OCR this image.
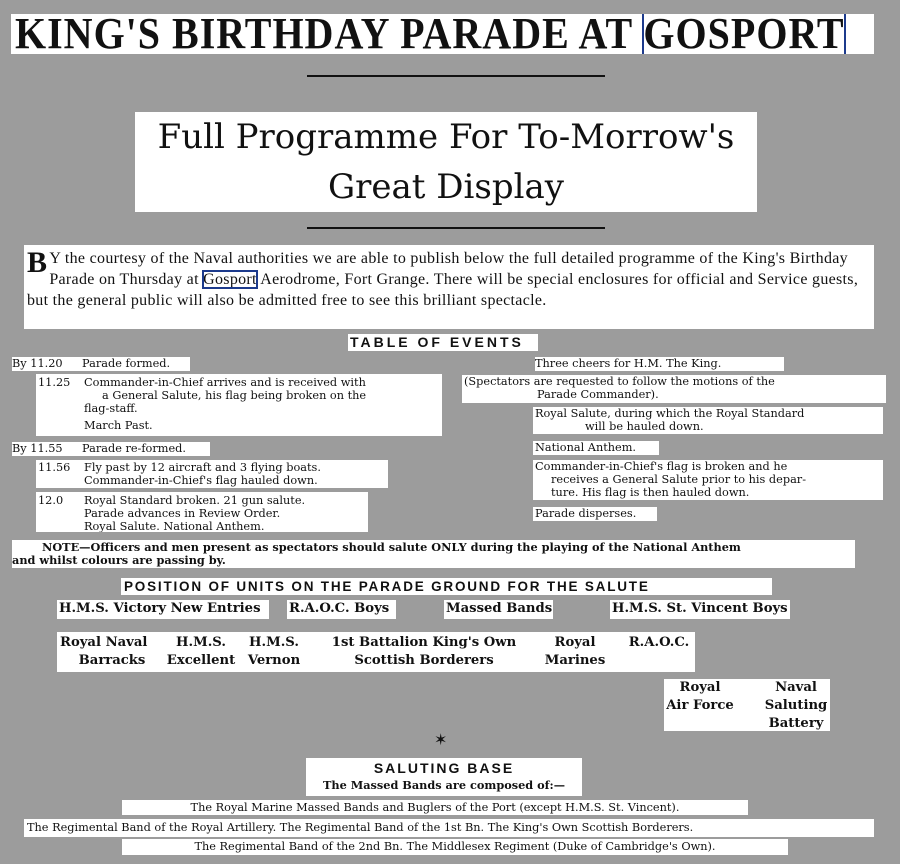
KING'S BIRTHDAY PARADE AT GOSPORT
Full Programme For To-Morrow's
Great Display
B Y the courtesy of the Naval authorities we are able to publish below the full detailed programme of the King's Birthday Parade on Thursday at Gosport Aerodrome, Fort Grange. There will be special enclosures for official and Service guests, but the general public will also be admitted free to see this brilliant spectacle.
TABLE OF EVENTS
By 11.20 Parade formed.
11.25 Commander-in-Chief arrives and is received with
a General Salute, his flag being broken on the
flag-staff.
March Past.
By 11.55 Parade re-formed.
11.56 Fly past by 12 aircraft and 3 flying boats.
Commander-in-Chief's flag hauled down.
12.0 Royal Standard broken. 21 gun salute.
Parade advances in Review Order.
Royal Salute. National Anthem.
Three cheers for H.M. The King.
(Spectators are requested to follow the motions of the
Parade Commander).
Royal Salute, during which the Royal Standard
will be hauled down.
National Anthem.
Commander-in-Chief's flag is broken and he
receives a General Salute prior to his depar-
ture. His flag is then hauled down.
Parade disperses.
NOTE—Officers and men present as spectators should salute ONLY during the playing of the National Anthem
and whilst colours are passing by.
POSITION OF UNITS ON THE PARADE GROUND FOR THE SALUTE
H.M.S. Victory New Entries	R.A.O.C. Boys	Massed Bands	H.M.S. St. Vincent Boys
Royal Naval
Barracks
H.M.S.
Excellent
H.M.S.
Vernon
1st Battalion King's Own
Scottish Borderers
Royal
Marines
R.A.O.C.
Royal
Air Force
Naval
Saluting
Battery
✶
SALUTING BASE
The Massed Bands are composed of:—
The Royal Marine Massed Bands and Buglers of the Port (except H.M.S. St. Vincent).
The Regimental Band of the Royal Artillery. The Regimental Band of the 1st Bn. The King's Own Scottish Borderers.
The Regimental Band of the 2nd Bn. The Middlesex Regiment (Duke of Cambridge's Own).
